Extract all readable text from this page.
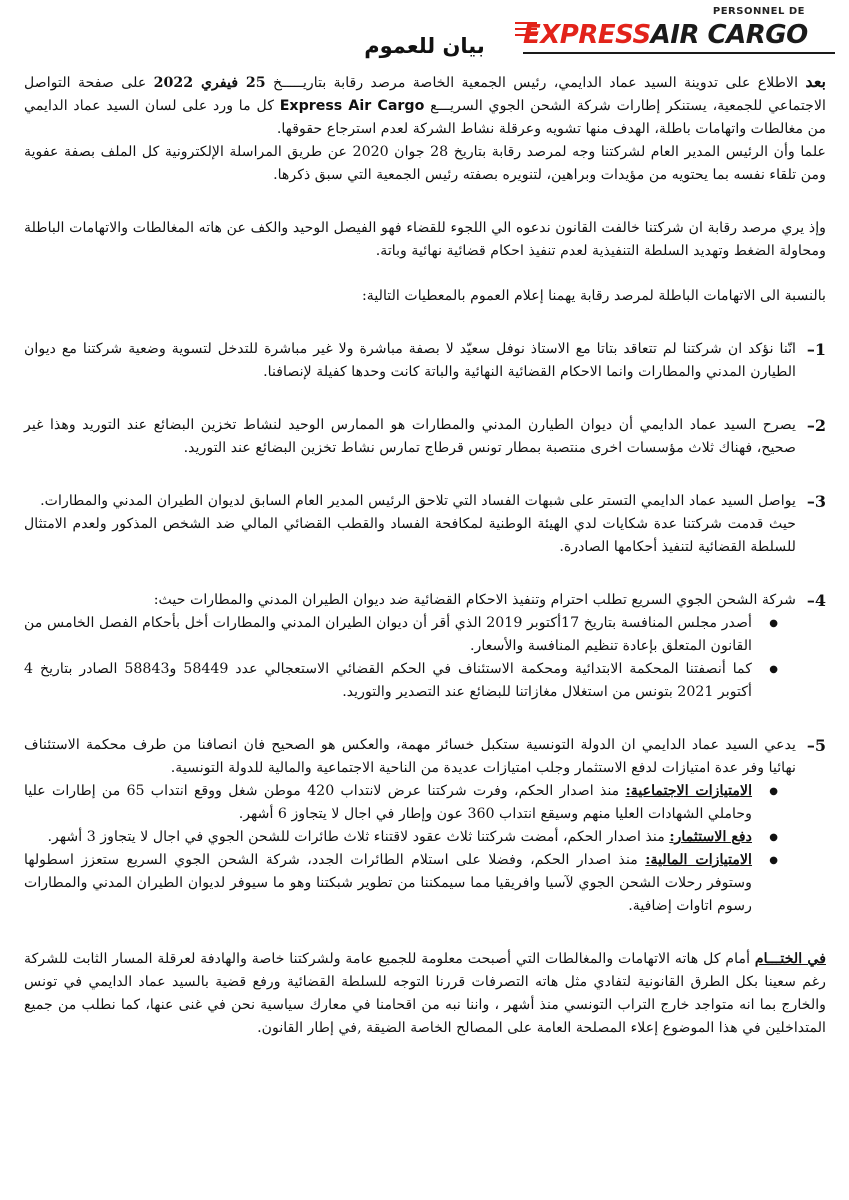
PERSONNEL DE
EXPRESSAIR CARGO
بيان للعموم

بعد الاطلاع على تدوينة السيد عماد الدايمي، رئيس الجمعية الخاصة مرصد رقابة بتاريـــــخ 25 فيفري 2022 على صفحة التواصل الاجتماعي للجمعية، يستنكر إطارات شركة الشحن الجوي السريـــع Express Air Cargo كل ما ورد على لسان السيد عماد الدايمي من مغالطات واتهامات باطلة، الهدف منها تشويه وعرقلة نشاط الشركة لعدم استرجاع حقوقها.

علما وأن الرئيس المدير العام لشركتنا وجه لمرصد رقابة بتاريخ 28 جوان 2020 عن طريق المراسلة الإلكترونية كل الملف بصفة عفوية ومن تلقاء نفسه بما يحتويه من مؤيدات وبراهين، لتنويره بصفته رئيس الجمعية التي سبق ذكرها.

وإذ يري مرصد رقابة ان شركتنا خالفت القانون ندعوه الي اللجوء للقضاء فهو الفيصل الوحيد والكف عن هاته المغالطات والاتهامات الباطلة ومحاولة الضغط وتهديد السلطة التنفيذية لعدم تنفيذ احكام قضائية نهائية وباتة.

بالنسبة الى الاتهامات الباطلة لمرصد رقابة يهمنا إعلام العموم بالمعطيات التالية:

1–

انّنا نؤكد ان شركتنا لم تتعاقد بتاتا مع الاستاذ نوفل سعيّد لا بصفة مباشرة ولا غير مباشرة للتدخل لتسوية وضعية شركتنا مع ديوان الطيارن المدني والمطارات وانما الاحكام القضائية النهائية والباتة كانت وحدها كفيلة لإنصافنا.

2–

يصرح السيد عماد الدايمي أن ديوان الطيارن المدني والمطارات هو الممارس الوحيد لنشاط تخزين البضائع عند التوريد وهذا غير صحيح، فهناك ثلاث مؤسسات اخرى منتصبة بمطار تونس قرطاج تمارس نشاط تخزين البضائع عند التوريد.

3–

يواصل السيد عماد الدايمي التستر على شبهات الفساد التي تلاحق الرئيس المدير العام السابق لديوان الطيران المدني والمطارات.

حيث قدمت شركتنا عدة شكايات لدي الهيئة الوطنية لمكافحة الفساد والقطب القضائي المالي ضد الشخص المذكور ولعدم الامتثال للسلطة القضائية لتنفيذ أحكامها الصادرة.

4–

شركة الشحن الجوي السريع تطلب احترام وتنفيذ الاحكام القضائية ضد ديوان الطيران المدني والمطارات حيث:

● أصدر مجلس المنافسة بتاريخ 17أكتوبر 2019 الذي أقر أن ديوان الطيران المدني والمطارات أخل بأحكام الفصل الخامس من القانون المتعلق بإعادة تنظيم المنافسة والأسعار.
● كما أنصفتنا المحكمة الابتدائية ومحكمة الاستئناف في الحكم القضائي الاستعجالي عدد 58449 و58843 الصادر بتاريخ 4 أكتوبر 2021 بتونس من استغلال مغازاتنا للبضائع عند التصدير والتوريد.
5–

يدعي السيد عماد الدايمي ان الدولة التونسية ستكبل خسائر مهمة، والعكس هو الصحيح فان انصافنا من طرف محكمة الاستئناف نهائيا وفر عدة امتيازات لدفع الاستثمار وجلب امتيازات عديدة من الناحية الاجتماعية والمالية للدولة التونسية.

● الامتيازات الاجتماعية: منذ اصدار الحكم، وفرت شركتنا عرض لانتداب 420 موطن شغل ووقع انتداب 65 من إطارات عليا وحاملي الشهادات العليا منهم وسيقع انتداب 360 عون وإطار في اجال لا يتجاوز 6 أشهر.
● دفع الاستثمار: منذ اصدار الحكم، أمضت شركتنا ثلاث عقود لاقتناء ثلاث طائرات للشحن الجوي في اجال لا يتجاوز 3 أشهر.
● الامتيازات المالية: منذ اصدار الحكم، وفضلا على استلام الطائرات الجدد، شركة الشحن الجوي السريع ستعزز اسطولها وستوفر رحلات الشحن الجوي لآسيا وافريقيا مما سيمكننا من تطوير شبكتنا وهو ما سيوفر لديوان الطيران المدني والمطارات رسوم اتاوات إضافية.

في الختـــام أمام كل هاته الاتهامات والمغالطات التي أصبحت معلومة للجميع عامة ولشركتنا خاصة والهادفة لعرقلة المسار الثابت للشركة رغم سعينا بكل الطرق القانونية لتفادي مثل هاته التصرفات قررنا التوجه للسلطة القضائية ورفع قضية بالسيد عماد الدايمي في تونس والخارج بما انه متواجد خارج التراب التونسي منذ أشهر ، واننا نبه من اقحامنا في معارك سياسية نحن في غنى عنها، كما نطلب من جميع المتداخلين في هذا الموضوع إعلاء المصلحة العامة على المصالح الخاصة الضيقة ,في إطار القانون.
